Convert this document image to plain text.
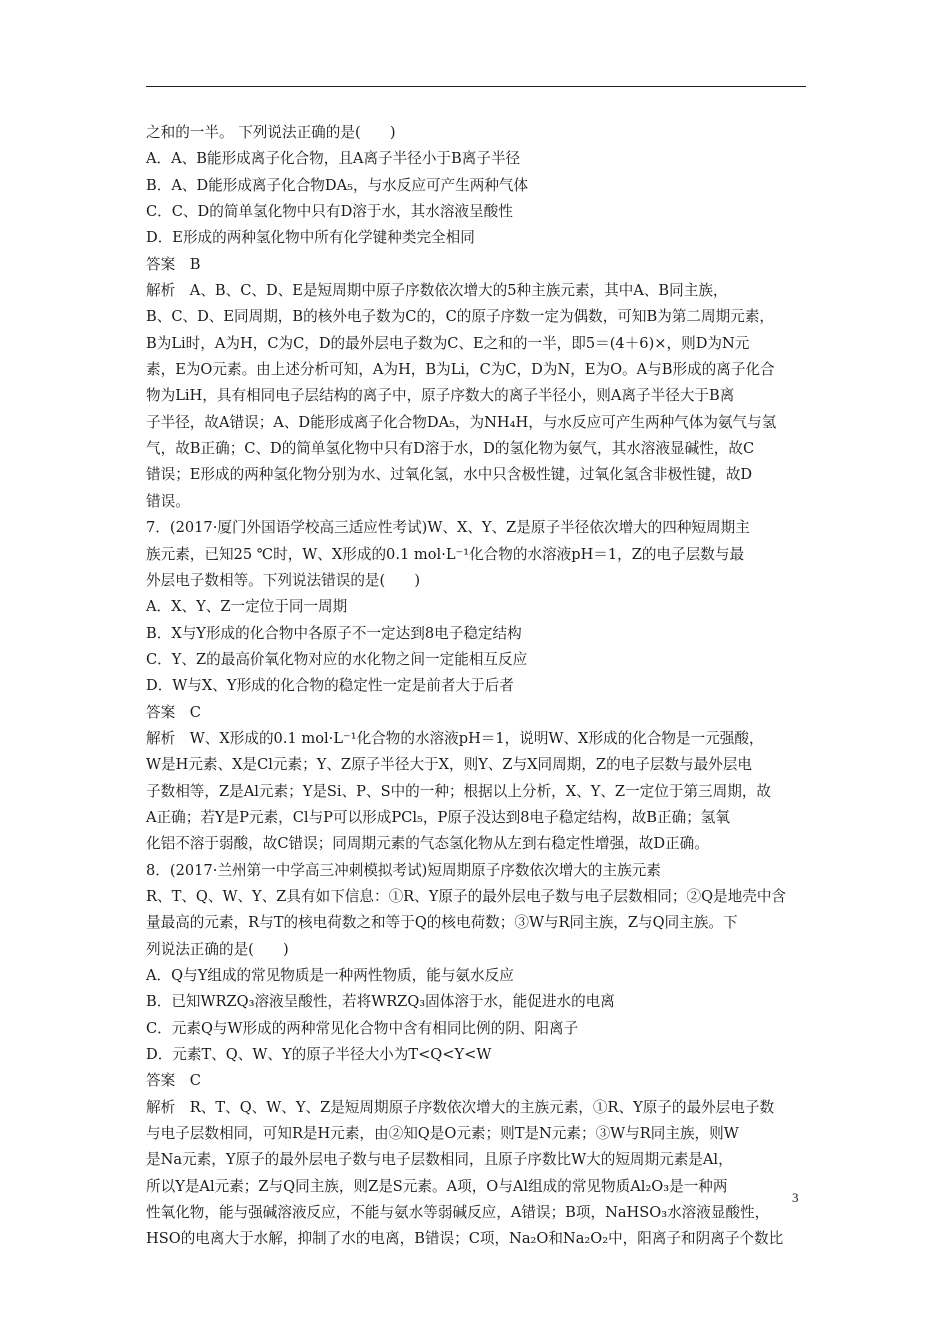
之和的一半。 下列说法正确的是(　　)
A．A、B能形成离子化合物，且A离子半径小于B离子半径
B．A、D能形成离子化合物DA₅，与水反应可产生两种气体
C．C、D的简单氢化物中只有D溶于水，其水溶液呈酸性
D．E形成的两种氢化物中所有化学键种类完全相同
答案　B
解析　A、B、C、D、E是短周期中原子序数依次增大的5种主族元素，其中A、B同主族，
B、C、D、E同周期，B的核外电子数为C的，C的原子序数一定为偶数，可知B为第二周期元素，
B为Li时，A为H，C为C，D的最外层电子数为C、E之和的一半，即5＝(4＋6)×，则D为N元
素，E为O元素。由上述分析可知，A为H，B为Li，C为C，D为N，E为O。A与B形成的离子化合
物为LiH，具有相同电子层结构的离子中，原子序数大的离子半径小，则A离子半径大于B离
子半径，故A错误；A、D能形成离子化合物DA₅，为NH₄H，与水反应可产生两种气体为氨气与氢
气，故B正确；C、D的简单氢化物中只有D溶于水，D的氢化物为氨气，其水溶液显碱性，故C
错误；E形成的两种氢化物分别为水、过氧化氢，水中只含极性键，过氧化氢含非极性键，故D
错误。
7．(2017·厦门外国语学校高三适应性考试)W、X、Y、Z是原子半径依次增大的四种短周期主
族元素，已知25 ℃时，W、X形成的0.1 mol·L⁻¹化合物的水溶液pH＝1，Z的电子层数与最
外层电子数相等。下列说法错误的是(　　)
A．X、Y、Z一定位于同一周期
B．X与Y形成的化合物中各原子不一定达到8电子稳定结构
C．Y、Z的最高价氧化物对应的水化物之间一定能相互反应
D．W与X、Y形成的化合物的稳定性一定是前者大于后者
答案　C
解析　W、X形成的0.1 mol·L⁻¹化合物的水溶液pH＝1，说明W、X形成的化合物是一元强酸，
W是H元素、X是Cl元素；Y、Z原子半径大于X，则Y、Z与X同周期，Z的电子层数与最外层电
子数相等，Z是Al元素；Y是Si、P、S中的一种；根据以上分析，X、Y、Z一定位于第三周期，故
A正确；若Y是P元素，Cl与P可以形成PCl₅，P原子没达到8电子稳定结构，故B正确；氢氧
化铝不溶于弱酸，故C错误；同周期元素的气态氢化物从左到右稳定性增强，故D正确。
8．(2017·兰州第一中学高三冲刺模拟考试)短周期原子序数依次增大的主族元素
R、T、Q、W、Y、Z具有如下信息：①R、Y原子的最外层电子数与电子层数相同；②Q是地壳中含
量最高的元素，R与T的核电荷数之和等于Q的核电荷数；③W与R同主族，Z与Q同主族。下
列说法正确的是(　　)
A．Q与Y组成的常见物质是一种两性物质，能与氨水反应
B．已知WRZQ₃溶液呈酸性，若将WRZQ₃固体溶于水，能促进水的电离
C．元素Q与W形成的两种常见化合物中含有相同比例的阴、阳离子
D．元素T、Q、W、Y的原子半径大小为T<Q<Y<W
答案　C
解析　R、T、Q、W、Y、Z是短周期原子序数依次增大的主族元素，①R、Y原子的最外层电子数
与电子层数相同，可知R是H元素，由②知Q是O元素；则T是N元素；③W与R同主族，则W
是Na元素，Y原子的最外层电子数与电子层数相同，且原子序数比W大的短周期元素是Al，
所以Y是Al元素；Z与Q同主族，则Z是S元素。A项，O与Al组成的常见物质Al₂O₃是一种两
性氧化物，能与强碱溶液反应，不能与氨水等弱碱反应，A错误；B项，NaHSO₃水溶液显酸性，
HSO的电离大于水解，抑制了水的电离，B错误；C项，Na₂O和Na₂O₂中，阳离子和阴离子个数比
3
